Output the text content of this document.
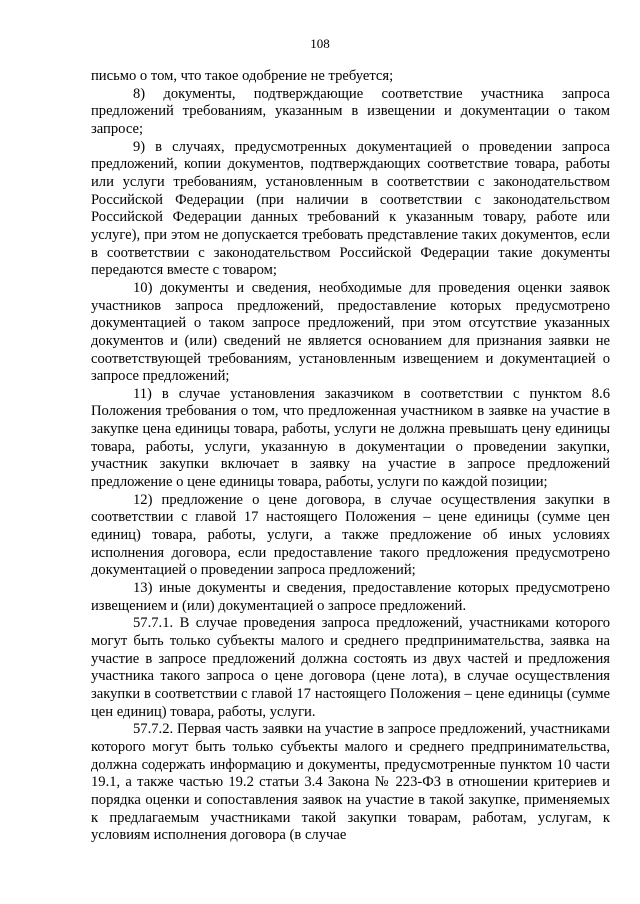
108

письмо о том, что такое одобрение не требуется;

8) документы, подтверждающие соответствие участника запроса предложений требованиям, указанным в извещении и документации о таком запросе;

9) в случаях, предусмотренных документацией о проведении запроса предложений, копии документов, подтверждающих соответствие товара, работы или услуги требованиям, установленным в соответствии с законодательством Российской Федерации (при наличии в соответствии с законодательством Российской Федерации данных требований к указанным товару, работе или услуге), при этом не допускается требовать представление таких документов, если в соответствии с законодательством Российской Федерации такие документы передаются вместе с товаром;

10) документы и сведения, необходимые для проведения оценки заявок участников запроса предложений, предоставление которых предусмотрено документацией о таком запросе предложений, при этом отсутствие указанных документов и (или) сведений не является основанием для признания заявки не соответствующей требованиям, установленным извещением и документацией о запросе предложений;

11) в случае установления заказчиком в соответствии с пунктом 8.6 Положения требования о том, что предложенная участником в заявке на участие в закупке цена единицы товара, работы, услуги не должна превышать цену единицы товара, работы, услуги, указанную в документации о проведении закупки, участник закупки включает в заявку на участие в запросе предложений предложение о цене единицы товара, работы, услуги по каждой позиции;

12) предложение о цене договора, в случае осуществления закупки в соответствии с главой 17 настоящего Положения – цене единицы (сумме цен единиц) товара, работы, услуги, а также предложение об иных условиях исполнения договора, если предоставление такого предложения предусмотрено документацией о проведении запроса предложений;

13) иные документы и сведения, предоставление которых предусмотрено извещением и (или) документацией о запросе предложений.

57.7.1. В случае проведения запроса предложений, участниками которого могут быть только субъекты малого и среднего предпринимательства, заявка на участие в запросе предложений должна состоять из двух частей и предложения участника такого запроса о цене договора (цене лота), в случае осуществления закупки в соответствии с главой 17 настоящего Положения – цене единицы (сумме цен единиц) товара, работы, услуги.

57.7.2. Первая часть заявки на участие в запросе предложений, участниками которого могут быть только субъекты малого и среднего предпринимательства, должна содержать информацию и документы, предусмотренные пунктом 10 части 19.1, а также частью 19.2 статьи 3.4 Закона № 223-ФЗ в отношении критериев и порядка оценки и сопоставления заявок на участие в такой закупке, применяемых к предлагаемым участниками такой закупки товарам, работам, услугам, к условиям исполнения договора (в случае
